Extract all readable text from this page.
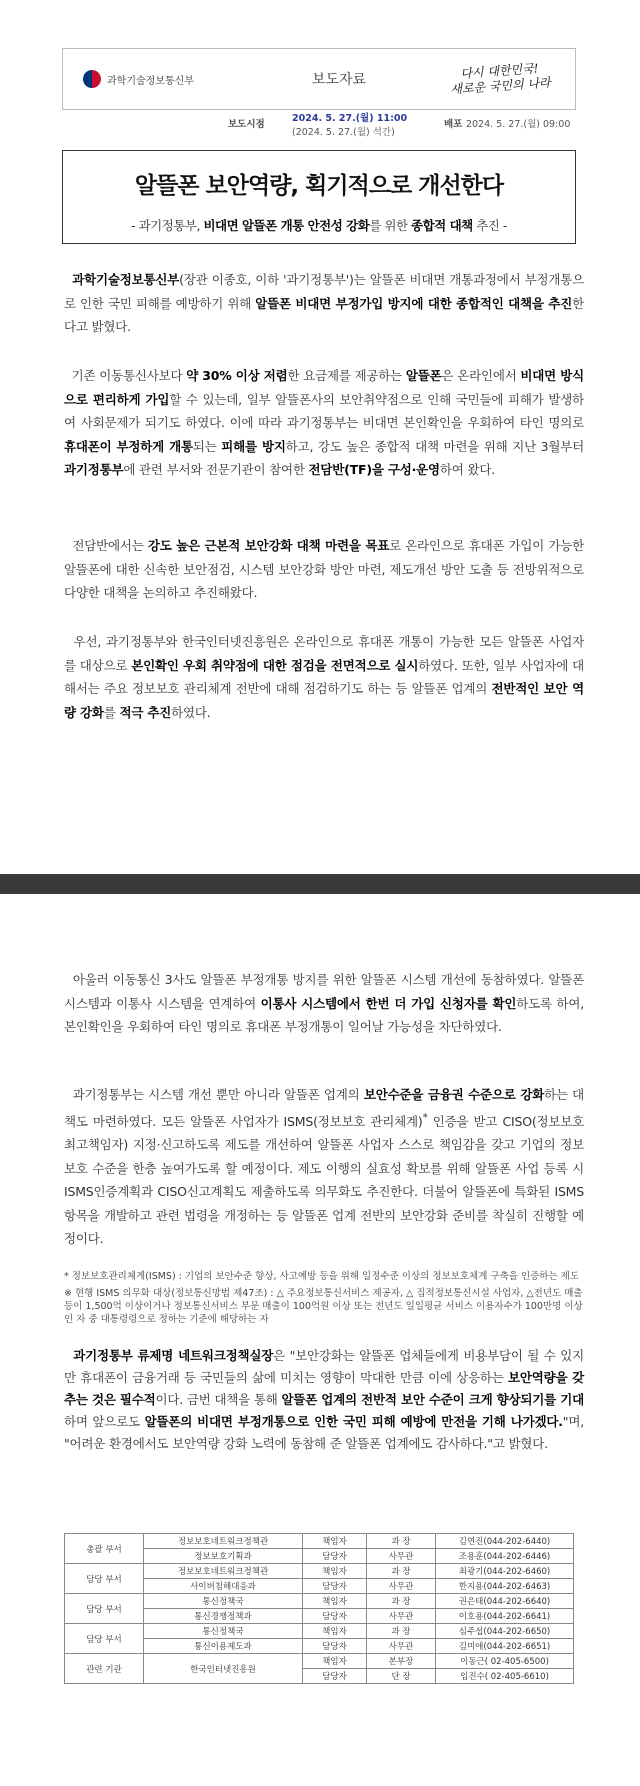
과학기술정보통신부	보도자료	다시 대한민국!
새로운 국민의 나라
보도시점
2024. 5. 27.(월) 11:00
(2024. 5. 27.(월) 석간)
배포 2024. 5. 27.(월) 09:00
알뜰폰 보안역량, 획기적으로 개선한다
- 과기정통부, 비대면 알뜰폰 개통 안전성 강화를 위한 종합적 대책 추진 -
과학기술정보통신부(장관 이종호, 이하 '과기정통부')는 알뜰폰 비대면 개통과정에서 부정개통으로 인한 국민 피해를 예방하기 위해 알뜰폰 비대면 부정가입 방지에 대한 종합적인 대책을 추진한다고 밝혔다.
기존 이동통신사보다 약 30% 이상 저렴한 요금제를 제공하는 알뜰폰은 온라인에서 비대면 방식으로 편리하게 가입할 수 있는데, 일부 알뜰폰사의 보안취약점으로 인해 국민들에 피해가 발생하여 사회문제가 되기도 하였다. 이에 따라 과기정통부는 비대면 본인확인을 우회하여 타인 명의로 휴대폰이 부정하게 개통되는 피해를 방지하고, 강도 높은 종합적 대책 마련을 위해 지난 3월부터 과기정통부에 관련 부서와 전문기관이 참여한 전담반(TF)을 구성·운영하여 왔다.
전담반에서는 강도 높은 근본적 보안강화 대책 마련을 목표로 온라인으로 휴대폰 가입이 가능한 알뜰폰에 대한 신속한 보안점검, 시스템 보안강화 방안 마련, 제도개선 방안 도출 등 전방위적으로 다양한 대책을 논의하고 추진해왔다.
우선, 과기정통부와 한국인터넷진흥원은 온라인으로 휴대폰 개통이 가능한 모든 알뜰폰 사업자를 대상으로 본인확인 우회 취약점에 대한 점검을 전면적으로 실시하였다. 또한, 일부 사업자에 대해서는 주요 정보보호 관리체계 전반에 대해 점검하기도 하는 등 알뜰폰 업계의 전반적인 보안 역량 강화를 적극 추진하였다.
아울러 이동통신 3사도 알뜰폰 부정개통 방지를 위한 알뜰폰 시스템 개선에 동참하였다. 알뜰폰 시스템과 이통사 시스템을 연계하여 이통사 시스템에서 한번 더 가입 신청자를 확인하도록 하여, 본인확인을 우회하여 타인 명의로 휴대폰 부정개통이 일어날 가능성을 차단하였다.
과기정통부는 시스템 개선 뿐만 아니라 알뜰폰 업계의 보안수준을 금융권 수준으로 강화하는 대책도 마련하였다. 모든 알뜰폰 사업자가 ISMS(정보보호 관리체계)* 인증을 받고 CISO(정보보호 최고책임자) 지정·신고하도록 제도를 개선하여 알뜰폰 사업자 스스로 책임감을 갖고 기업의 정보보호 수준을 한층 높여가도록 할 예정이다. 제도 이행의 실효성 확보를 위해 알뜰폰 사업 등록 시 ISMS인증계획과 CISO신고계획도 제출하도록 의무화도 추진한다. 더불어 알뜰폰에 특화된 ISMS항목을 개발하고 관련 법령을 개정하는 등 알뜰폰 업계 전반의 보안강화 준비를 착실히 진행할 예정이다.
* 정보보호관리체계(ISMS) : 기업의 보안수준 향상, 사고예방 등을 위해 일정수준 이상의 정보보호체계 구축을 인증하는 제도
※ 현행 ISMS 의무화 대상(정보통신망법 제47조) : △ 주요정보통신서비스 제공자, △ 집적정보통신시설 사업자, △전년도 매출 등이 1,500억 이상이거나 정보통신서비스 부문 매출이 100억원 이상 또는 전년도 일일평균 서비스 이용자수가 100만명 이상인 자 중 대통령령으로 정하는 기준에 해당하는 자
과기정통부 류제명 네트워크정책실장은 "보안강화는 알뜰폰 업체들에게 비용부담이 될 수 있지만 휴대폰이 금융거래 등 국민들의 삶에 미치는 영향이 막대한 만큼 이에 상응하는 보안역량을 갖추는 것은 필수적이다. 금번 대책을 통해 알뜰폰 업계의 전반적 보안 수준이 크게 향상되기를 기대하며 앞으로도 알뜰폰의 비대면 부정개통으로 인한 국민 피해 예방에 만전을 기해 나가겠다."며, "어려운 환경에서도 보안역량 강화 노력에 동참해 준 알뜰폰 업계에도 감사하다."고 밝혔다.
총괄 부서	정보보호네트워크정책관	책임자	과 장	김연진(044-202-6440)
	정보보호기획과	담당자	사무관	조용훈(044-202-6446)
담당 부서	정보보호네트워크정책관	책임자	과 장	최광기(044-202-6460)
	사이버침해대응과	담당자	사무관	한지용(044-202-6463)
담당 부서	통신정책국	책임자	과 장	권은태(044-202-6640)
	통신경쟁정책과	담당자	사무관	이호용(044-202-6641)
담당 부서	통신정책국	책임자	과 장	심주섭(044-202-6650)
	통신이용제도과	담당자	사무관	김미애(044-202-6651)
관련 기관	한국인터넷진흥원	책임자	본부장	이동근( 02-405-6500)
		담당자	단 장	임진수( 02-405-6610)
